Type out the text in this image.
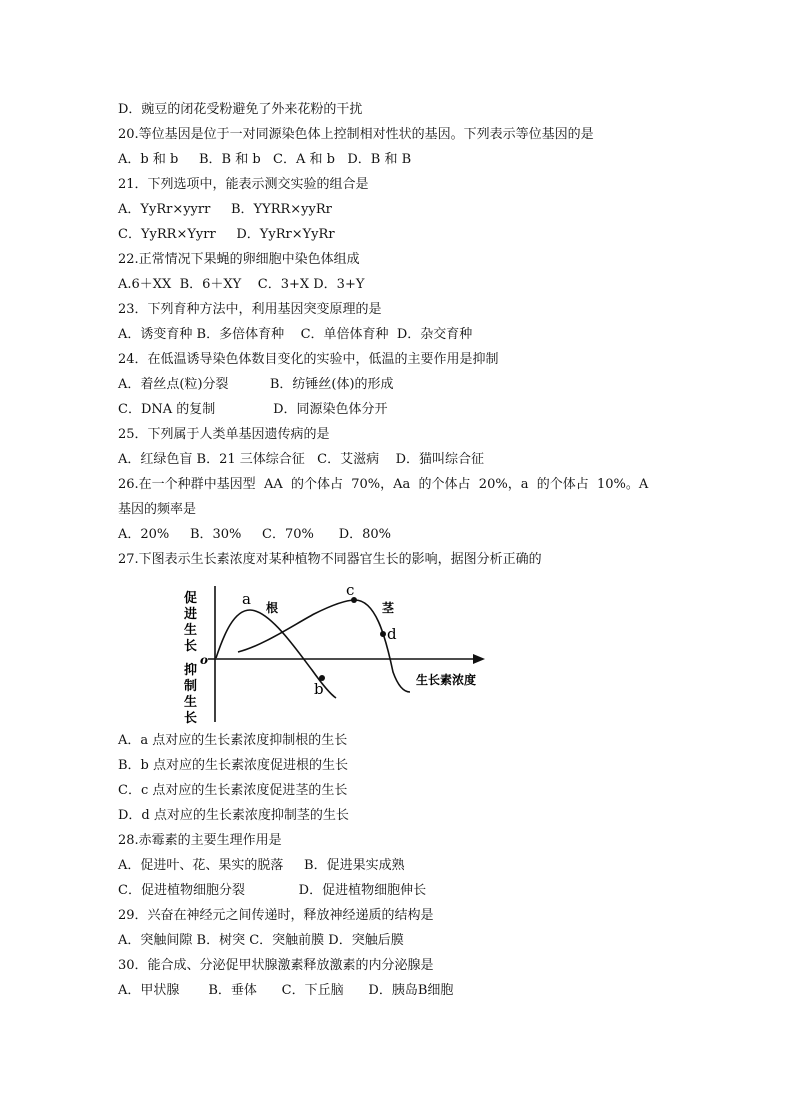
D．豌豆的闭花受粉避免了外来花粉的干扰
20.等位基因是位于一对同源染色体上控制相对性状的基因。下列表示等位基因的是
A．b 和 b     B．B 和 b   C．A 和 b   D．B 和 B
21．下列选项中，能表示测交实验的组合是
A．YyRr×yyrr     B．YYRR×yyRr
C．YyRR×Yyrr     D．YyRr×YyRr
22.正常情况下果蝇的卵细胞中染色体组成
A.6＋XX  B．6＋XY    C．3+X D．3+Y
23．下列育种方法中，利用基因突变原理的是
A．诱变育种 B．多倍体育种    C．单倍体育种  D．杂交育种
24．在低温诱导染色体数目变化的实验中，低温的主要作用是抑制
A．着丝点(粒)分裂          B．纺锤丝(体)的形成
C．DNA 的复制              D．同源染色体分开
25．下列属于人类单基因遗传病的是
A．红绿色盲 B．21 三体综合征   C．艾滋病    D．猫叫综合征
26.在一个种群中基因型  AA  的个体占  70%，Aa  的个体占  20%，a  的个体占  10%。A
基因的频率是
A．20%     B．30%     C．70%      D．80%
27.下图表示生长素浓度对某种植物不同器官生长的影响，据图分析正确的
促
进
生
长
o
抑
制
生
长
a 根
b
c
茎
d
生长素浓度
A．a 点对应的生长素浓度抑制根的生长
B．b 点对应的生长素浓度促进根的生长
C．c 点对应的生长素浓度促进茎的生长
D．d 点对应的生长素浓度抑制茎的生长
28.赤霉素的主要生理作用是
A．促进叶、花、果实的脱落     B．促进果实成熟
C．促进植物细胞分裂             D．促进植物细胞伸长
29．兴奋在神经元之间传递时，释放神经递质的结构是
A．突触间隙 B．树突 C．突触前膜 D．突触后膜
30．能合成、分泌促甲状腺激素释放激素的内分泌腺是
A．甲状腺       B．垂体      C．下丘脑      D．胰岛B细胞
